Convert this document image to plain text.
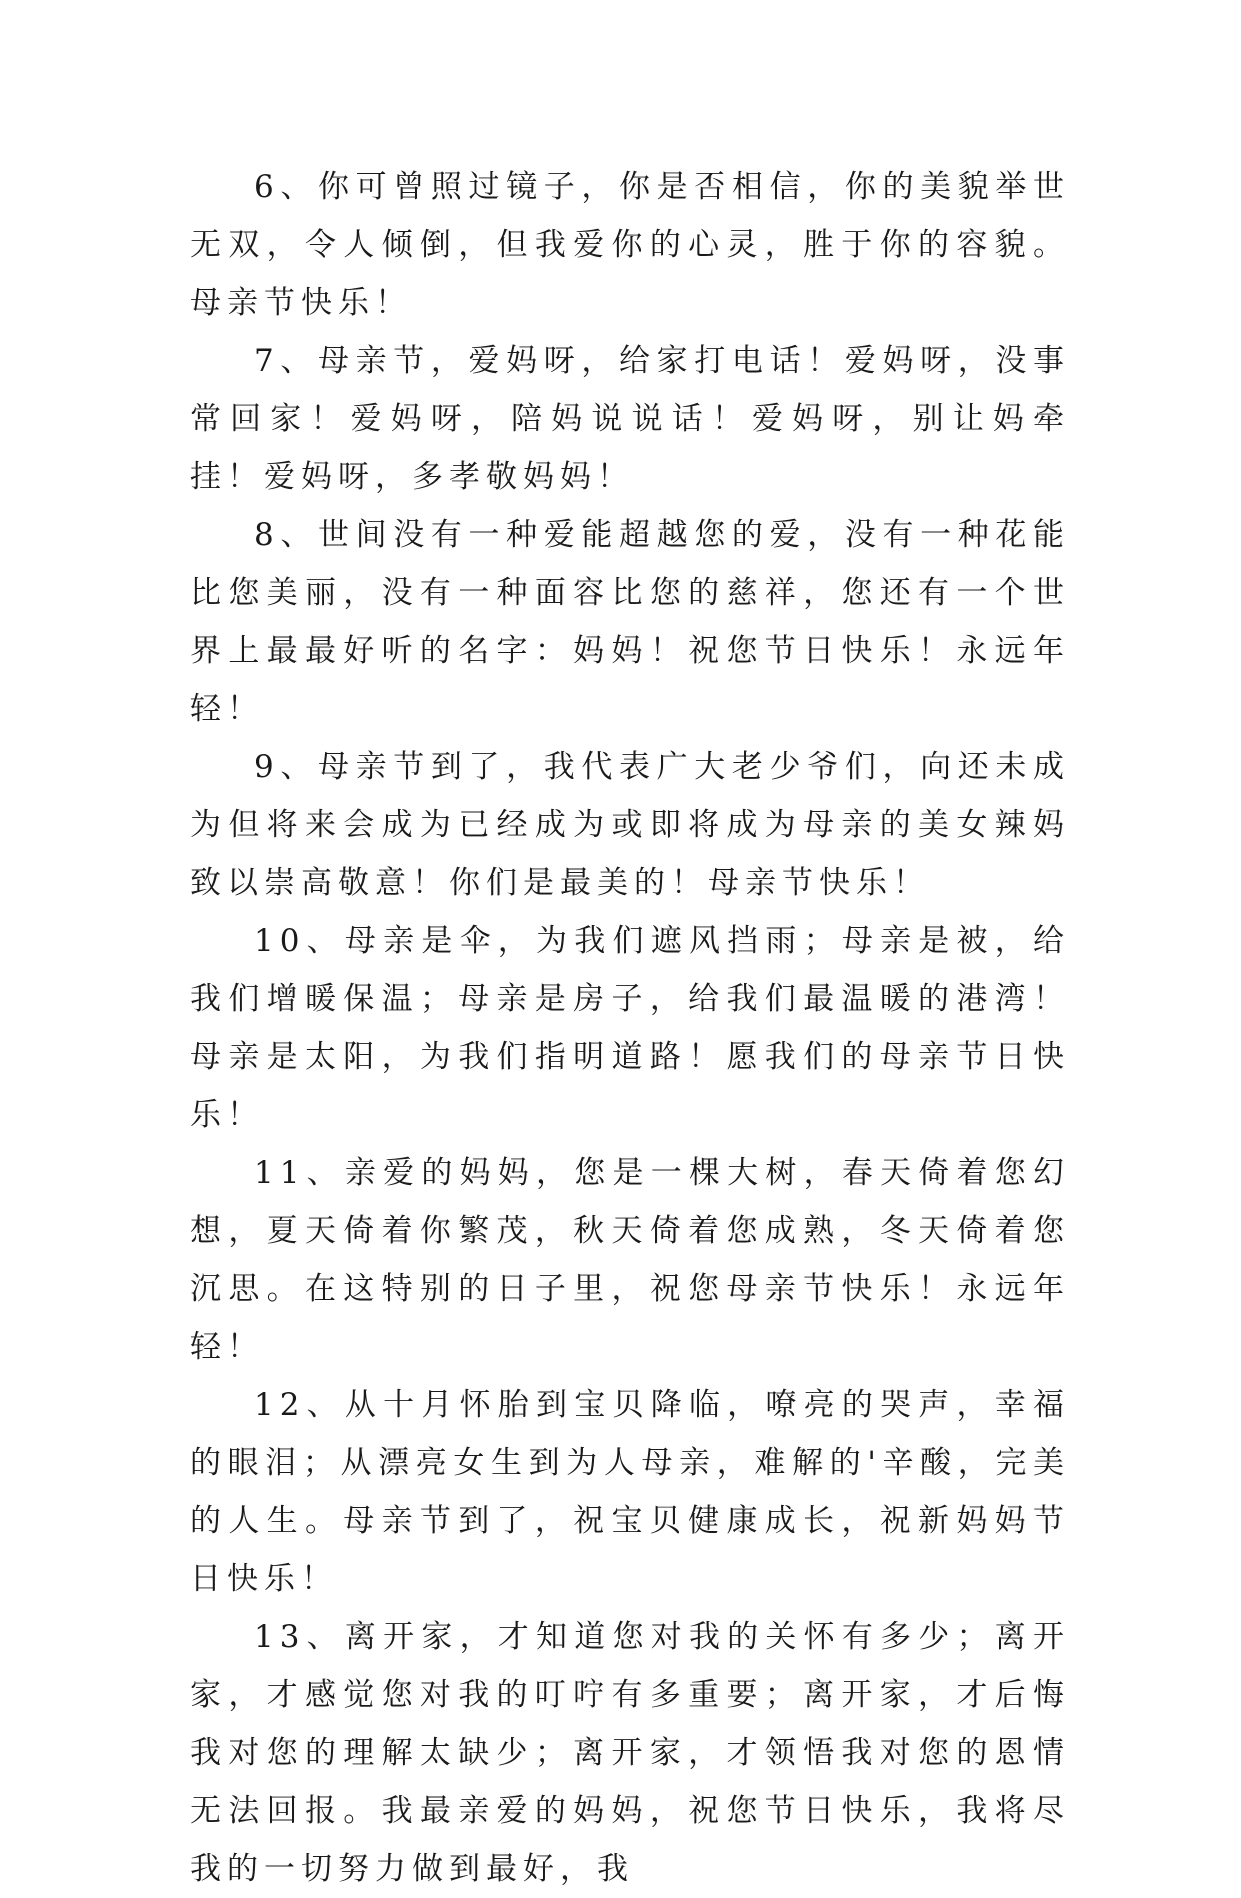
6、你可曾照过镜子，你是否相信，你的美貌举世无双，令人倾倒，但我爱你的心灵，胜于你的容貌。母亲节快乐！

7、母亲节，爱妈呀，给家打电话！爱妈呀，没事常回家！爱妈呀，陪妈说说话！爱妈呀，别让妈牵挂！爱妈呀，多孝敬妈妈！

8、世间没有一种爱能超越您的爱，没有一种花能比您美丽，没有一种面容比您的慈祥，您还有一个世界上最最好听的名字：妈妈！祝您节日快乐！永远年轻！

9、母亲节到了，我代表广大老少爷们，向还未成为但将来会成为已经成为或即将成为母亲的美女辣妈致以崇高敬意！你们是最美的！母亲节快乐！

10、母亲是伞，为我们遮风挡雨；母亲是被，给我们增暖保温；母亲是房子，给我们最温暖的港湾！母亲是太阳，为我们指明道路！愿我们的母亲节日快乐！

11、亲爱的妈妈，您是一棵大树，春天倚着您幻想，夏天倚着你繁茂，秋天倚着您成熟，冬天倚着您沉思。在这特别的日子里，祝您母亲节快乐！永远年轻！

12、从十月怀胎到宝贝降临，嘹亮的哭声，幸福的眼泪；从漂亮女生到为人母亲，难解的'辛酸，完美的人生。母亲节到了，祝宝贝健康成长，祝新妈妈节日快乐！

13、离开家，才知道您对我的关怀有多少；离开家，才感觉您对我的叮咛有多重要；离开家，才后悔我对您的理解太缺少；离开家，才领悟我对您的恩情无法回报。我最亲爱的妈妈，祝您节日快乐，我将尽我的一切努力做到最好，我
